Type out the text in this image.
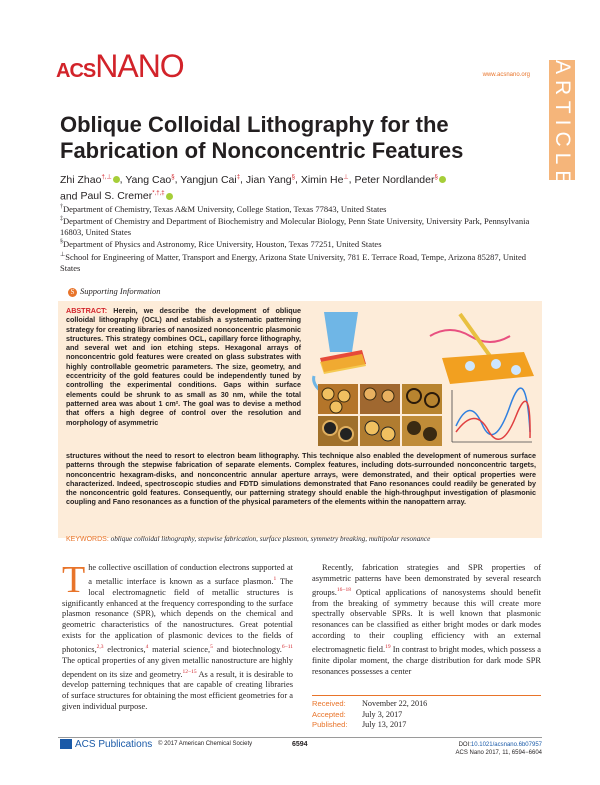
ACSNANO	www.acsnano.org ARTICLE
Oblique Colloidal Lithography for the Fabrication of Nonconcentric Features
Zhi Zhao†,⊥ , Yang Cao§, Yangjun Cai‡, Jian Yang§, Ximin He⊥, Peter Nordlander§
and Paul S. Cremer*,†,‡
†Department of Chemistry, Texas A&M University, College Station, Texas 77843, United States
‡Department of Chemistry and Department of Biochemistry and Molecular Biology, Penn State University, University Park, Pennsylvania 16803, United States
§Department of Physics and Astronomy, Rice University, Houston, Texas 77251, United States
⊥School for Engineering of Matter, Transport and Energy, Arizona State University, 781 E. Terrace Road, Tempe, Arizona 85287, United States
S Supporting Information
ABSTRACT: Herein, we describe the development of oblique colloidal lithography (OCL) and establish a systematic patterning strategy for creating libraries of nanosized nonconcentric plasmonic structures. This strategy combines OCL, capillary force lithography, and several wet and ion etching steps. Hexagonal arrays of nonconcentric gold features were created on glass substrates with highly controllable geometric parameters. The size, geometry, and eccentricity of the gold features could be independently tuned by controlling the experimental conditions. Gaps within surface elements could be shrunk to as small as 30 nm, while the total patterned area was about 1 cm². The goal was to devise a method that offers a high degree of control over the resolution and morphology of asymmetric
structures without the need to resort to electron beam lithography. This technique also enabled the development of numerous surface patterns through the stepwise fabrication of separate elements. Complex features, including dots-surrounded nonconcentric targets, nonconcentric hexagram-disks, and nonconcentric annular aperture arrays, were demonstrated, and their optical properties were characterized. Indeed, spectroscopic studies and FDTD simulations demonstrated that Fano resonances could readily be generated by the nonconcentric gold features. Consequently, our patterning strategy should enable the high-throughput investigation of plasmonic coupling and Fano resonances as a function of the physical parameters of the elements within the nanopattern array.
KEYWORDS: oblique colloidal lithography, stepwise fabrication, surface plasmon, symmetry breaking, multipolar resonance
The collective oscillation of conduction electrons supported at a metallic interface is known as a surface plasmon.$^1$ The local electromagnetic field of metallic structures is significantly enhanced at the frequency corresponding to the surface plasmon resonance (SPR), which depends on the chemical and geometric characteristics of the nanostructures. Great potential exists for the application of plasmonic devices to the fields of photonics,$^{2,3}$ electronics,$^4$ material science,$^5$ and biotechnology.$^{6-11}$ The optical properties of any given metallic nanostructure are highly dependent on its size and geometry.$^{12-15}$ As a result, it is desirable to develop patterning techniques that are capable of creating libraries of surface structures for obtaining the most efficient geometries for a given individual purpose.
Recently, fabrication strategies and SPR properties of asymmetric patterns have been demonstrated by several research groups.$^{16-18}$ Optical applications of nanosystems should benefit from the breaking of symmetry because this will create more spectrally observable SPRs. It is well known that plasmonic resonances can be classified as either bright modes or dark modes according to their coupling efficiency with an external electromagnetic field.$^{19}$ In contrast to bright modes, which possess a finite dipolar moment, the charge distribution for dark mode SPR resonances possesses a center
Received: November 22, 2016
Accepted: July 3, 2017
Published: July 13, 2017
ACS Publications © 2017 American Chemical Society	6594	DOI:10.1021/acsnano.6b07957
ACS Nano 2017, 11, 6594−6604
